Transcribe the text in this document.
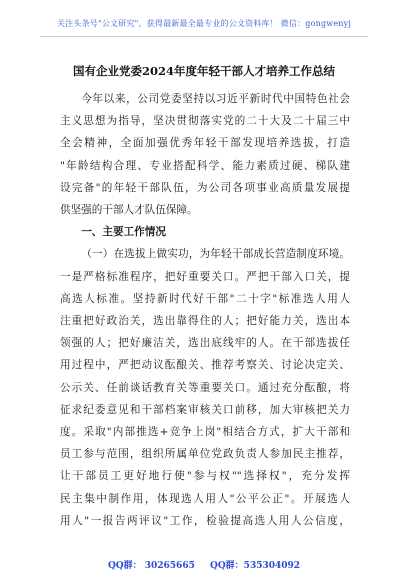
关注头条号"公文研究"，获得最新最全最专业的公文资料库！ 微信：gongwenyj
国有企业党委2024年度年轻干部人才培养工作总结
今年以来，公司党委坚持以习近平新时代中国特色社会
主义思想为指导，坚决贯彻落实党的二十大及二十届三中
全会精神，全面加强优秀年轻干部发现培养选拔，打造
"年龄结构合理、专业搭配科学、能力素质过硬、梯队建
设完备"的年轻干部队伍，为公司各项事业高质量发展提
供坚强的干部人才队伍保障。
一、主要工作情况
（一）在选拔上做实功，为年轻干部成长营造制度环境。
一是严格标准程序，把好重要关口。严把干部入口关，提
高选人标准。坚持新时代好干部"二十字"标准选人用人
注重把好政治关，选出靠得住的人；把好能力关，选出本
领强的人；把好廉洁关，选出底线牢的人。在干部选拔任
用过程中，严把动议酝酿关、推荐考察关、讨论决定关、
公示关、任前谈话教育关等重要关口。通过充分酝酿，将
征求纪委意见和干部档案审核关口前移，加大审核把关力
度。采取"内部推选+竞争上岗"相结合方式，扩大干部和
员工参与范围，组织所属单位党政负责人参加民主推荐，
让干部员工更好地行使"参与权""选择权"，充分发挥
民主集中制作用，体现选人用人"公平公正"。开展选人
用人"一报告两评议"工作，检验提高选人用人公信度，
QQ群： 30265665 QQ群：535304092
